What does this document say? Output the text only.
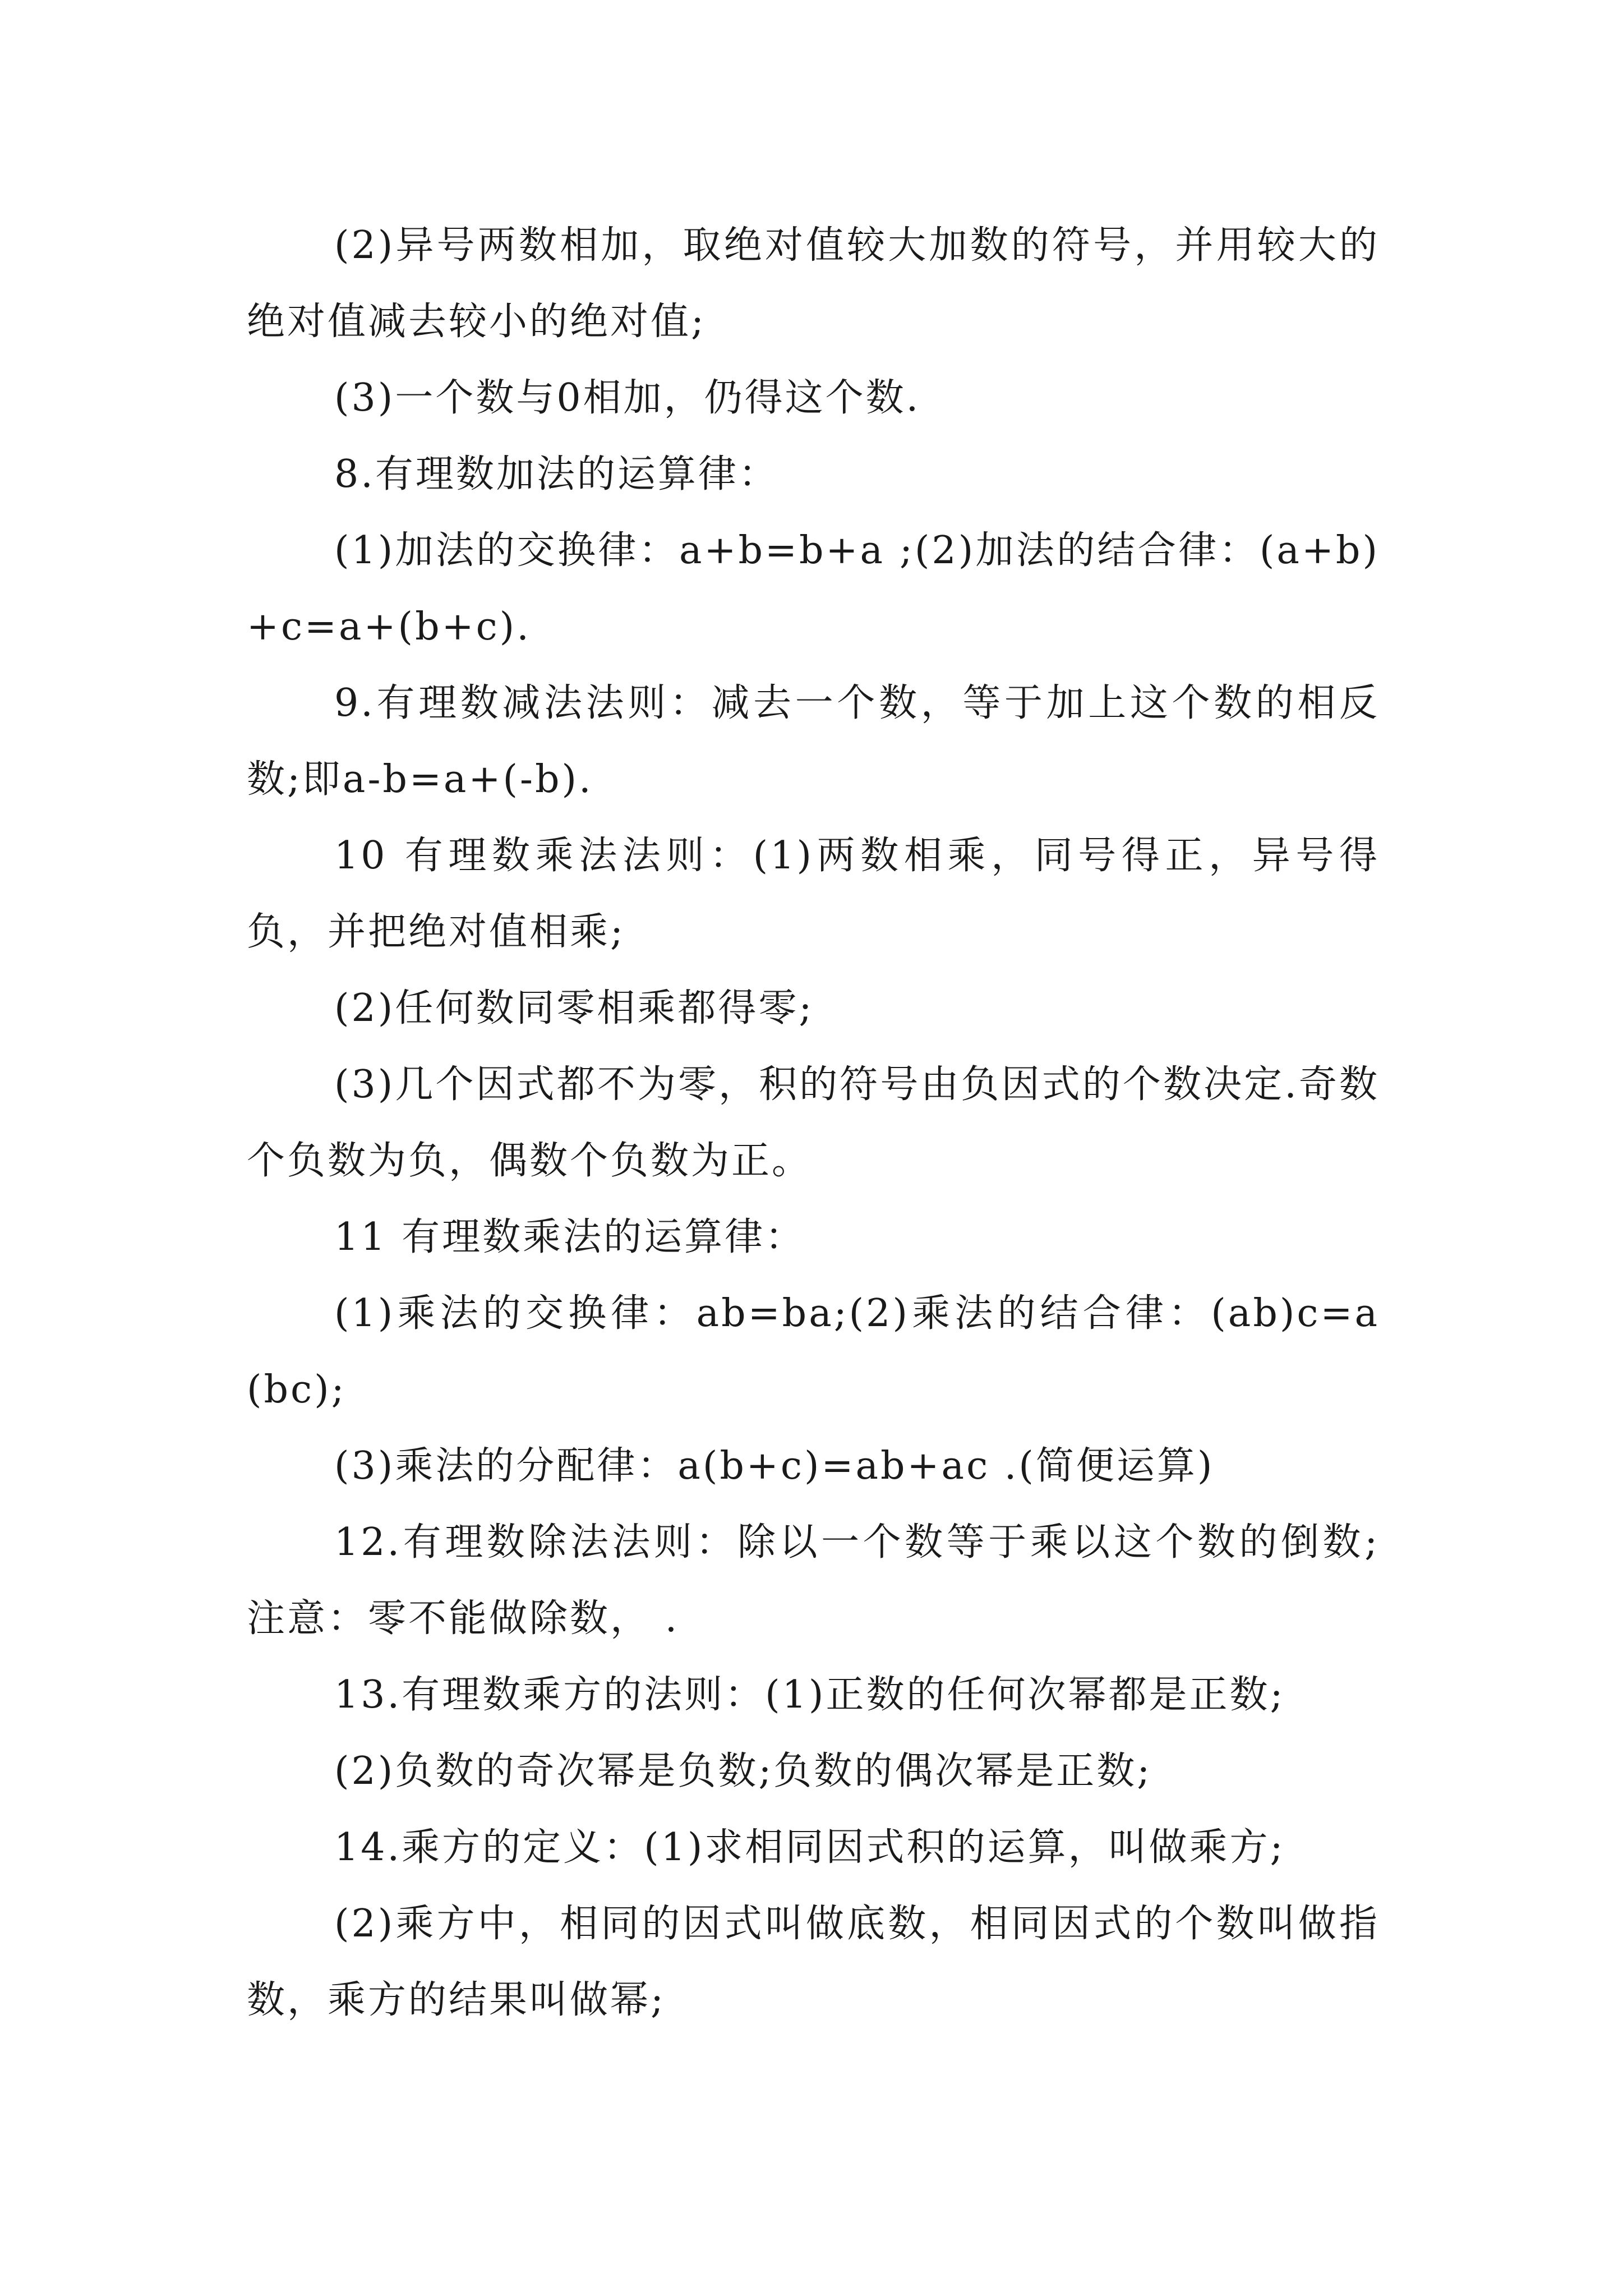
(2)异号两数相加，取绝对值较大加数的符号，并用较大的绝对值减去较小的绝对值;

(3)一个数与0相加，仍得这个数.

8.有理数加法的运算律：

(1)加法的交换律：a+b=b+a ;(2)加法的结合律：(a+b)+c=a+(b+c).

9.有理数减法法则：减去一个数，等于加上这个数的相反数;即a-b=a+(-b).

10 有理数乘法法则：(1)两数相乘，同号得正，异号得负，并把绝对值相乘;

(2)任何数同零相乘都得零;

(3)几个因式都不为零，积的符号由负因式的个数决定.奇数个负数为负，偶数个负数为正。

11 有理数乘法的运算律：

(1)乘法的交换律：ab=ba;(2)乘法的结合律：(ab)c=a(bc);

(3)乘法的分配律：a(b+c)=ab+ac .(简便运算)

12.有理数除法法则：除以一个数等于乘以这个数的倒数;注意：零不能做除数， .

13.有理数乘方的法则：(1)正数的任何次幂都是正数;

(2)负数的奇次幂是负数;负数的偶次幂是正数;

14.乘方的定义：(1)求相同因式积的运算，叫做乘方;

(2)乘方中，相同的因式叫做底数，相同因式的个数叫做指数，乘方的结果叫做幂;
